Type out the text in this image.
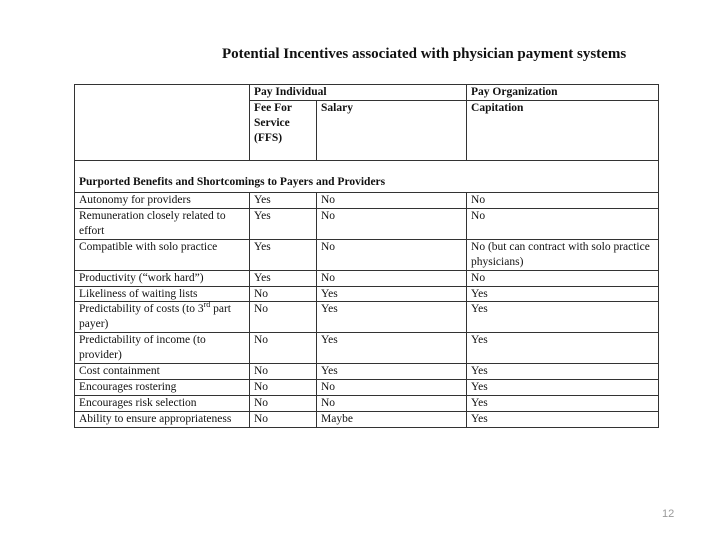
Potential Incentives associated with physician payment systems
	Pay Individual		Pay Organization
	Fee For Service (FFS)	Salary	Capitation
Purported Benefits and Shortcomings to Payers and Providers			
Autonomy for providers	Yes	No	No
Remuneration closely related to effort	Yes	No	No
Compatible with solo practice	Yes	No	No (but can contract with solo practice physicians)
Productivity (“work hard”)	Yes	No	No
Likeliness of waiting lists	No	Yes	Yes
Predictability of costs (to 3rd part payer)	No	Yes	Yes
Predictability of income (to provider)	No	Yes	Yes
Cost containment	No	Yes	Yes
Encourages rostering	No	No	Yes
Encourages risk selection	No	No	Yes
Ability to ensure appropriateness	No	Maybe	Yes
12
